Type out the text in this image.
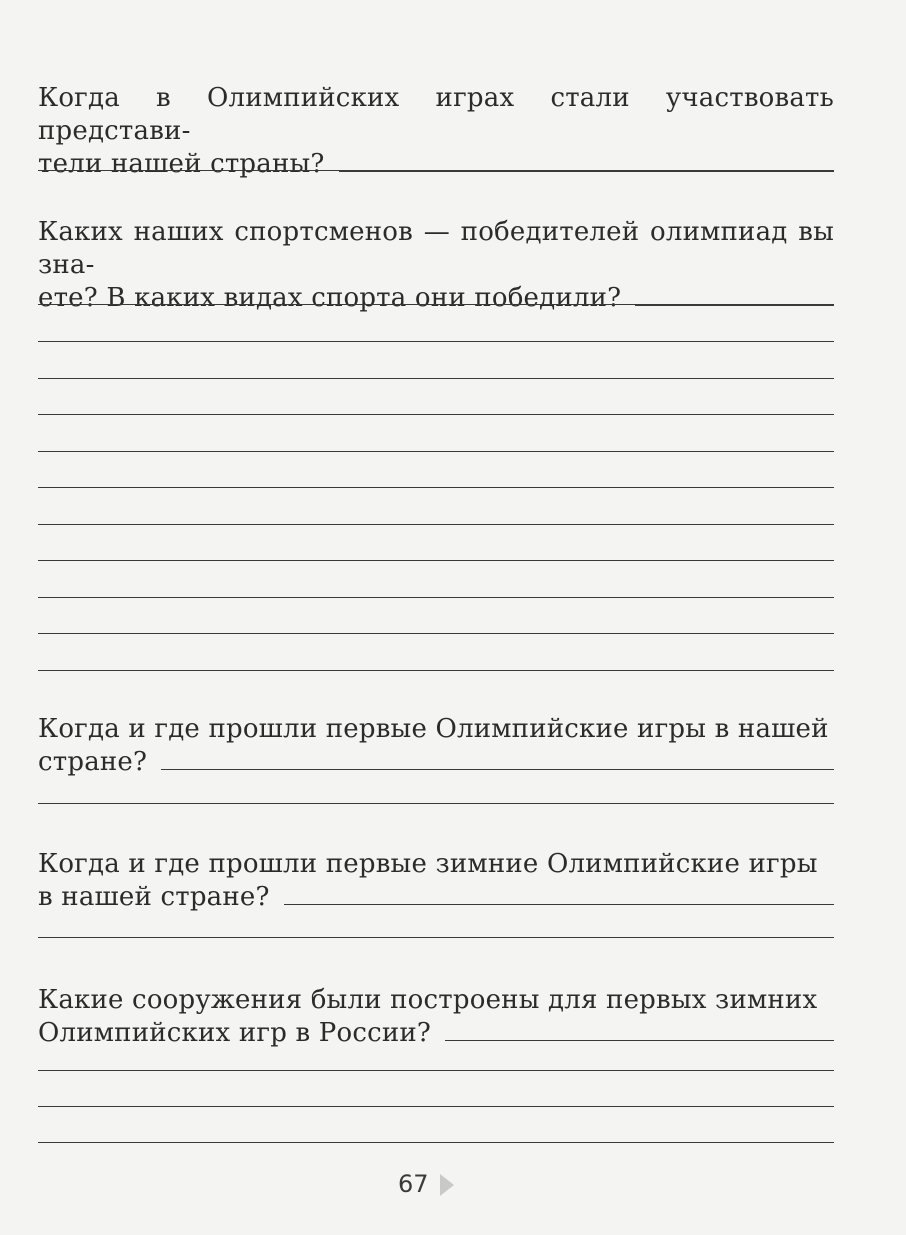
Когда в Олимпийских играх стали участвовать представи-
тели нашей страны?
Каких наших спортсменов — победителей олимпиад вы зна-
ете? В каких видах спорта они победили?
Когда и где прошли первые Олимпийские игры в нашей
стране?
Когда и где прошли первые зимние Олимпийские игры
в нашей стране?
Какие сооружения были построены для первых зимних
Олимпийских игр в России?
67
